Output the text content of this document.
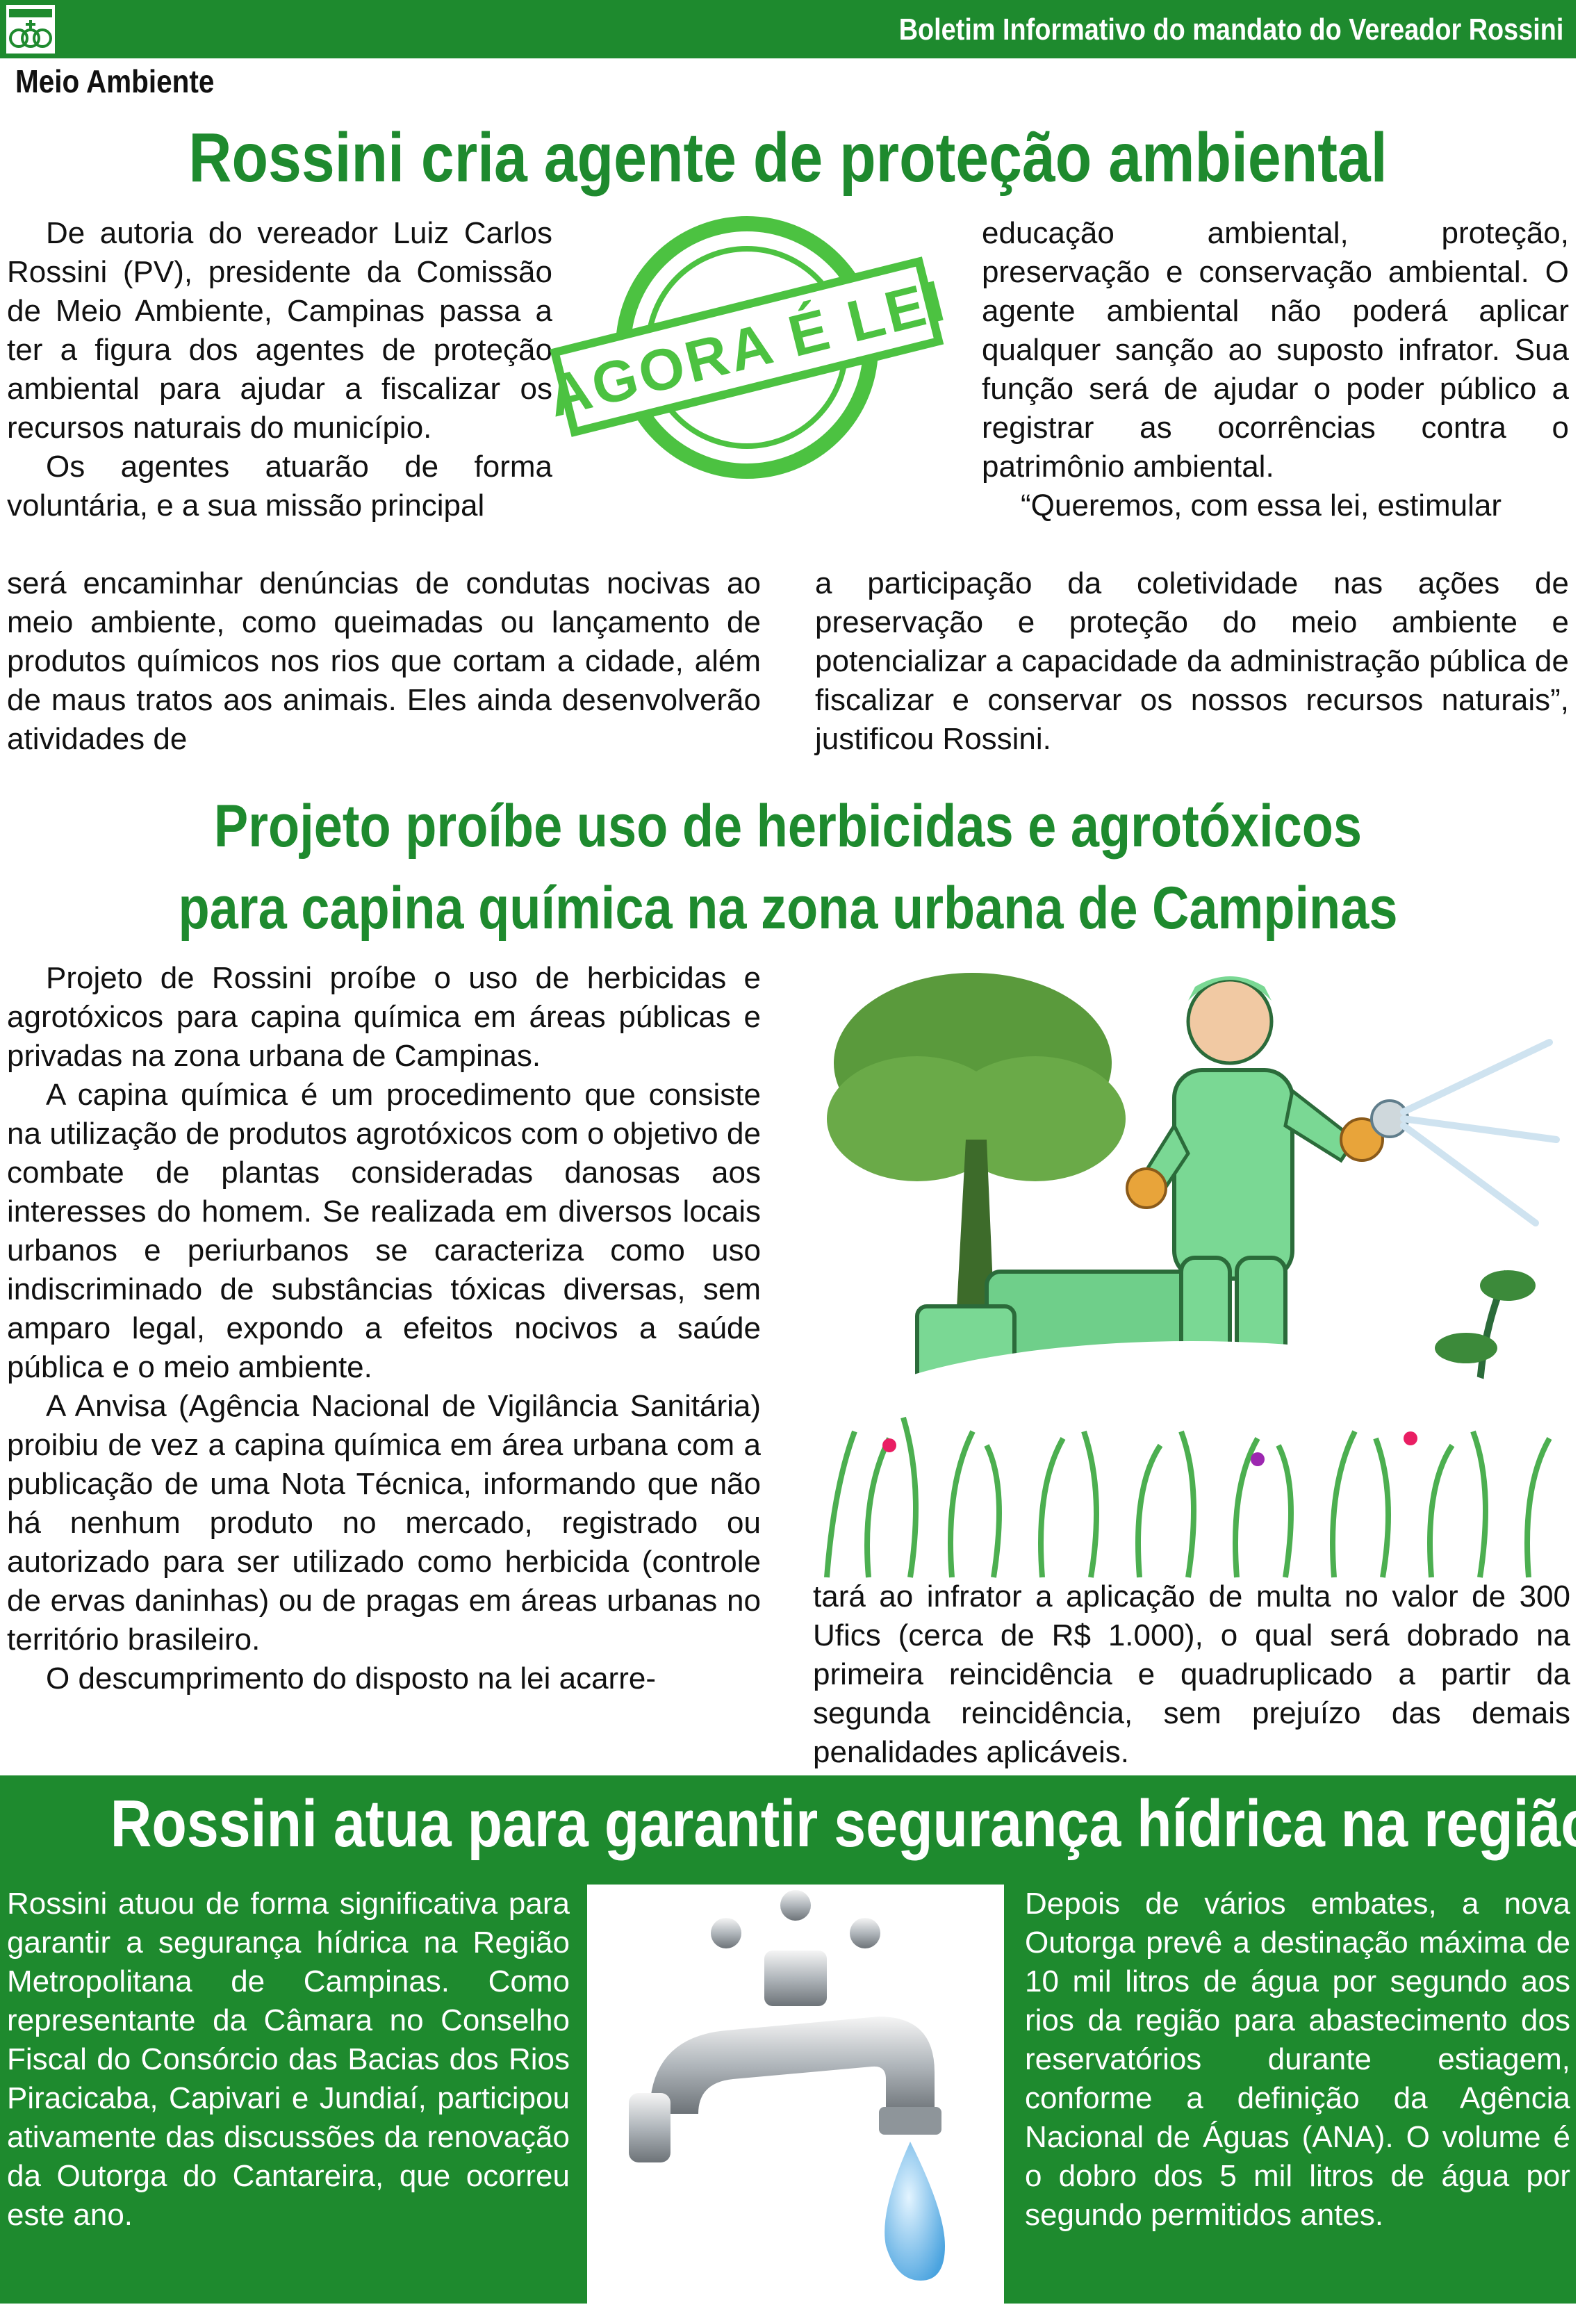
Boletim Informativo do mandato do Vereador Rossini
Meio Ambiente
Rossini cria agente de proteção ambiental

De autoria do vereador Luiz Carlos Rossini (PV), presidente da Comissão de Meio Ambiente, Campinas passa a ter a figura dos agentes de proteção ambiental para ajudar a fiscalizar os recursos naturais do município.

Os agentes atuarão de forma voluntária, e a sua missão principal

será encaminhar denúncias de condutas nocivas ao meio ambiente, como queimadas ou lançamento de produtos químicos nos rios que cortam a cidade, além de maus tratos aos animais. Eles ainda desenvolverão atividades de

AGORA É LEI

educação ambiental, proteção, preservação e conservação ambiental. O agente ambiental não poderá aplicar qualquer sanção ao suposto infrator. Sua função será de ajudar o poder público a registrar as ocorrências contra o patrimônio ambiental.

“Queremos, com essa lei, estimular

a participação da coletividade nas ações de preservação e proteção do meio ambiente e potencializar a capacidade da administração pública de fiscalizar e conservar os nossos recursos naturais”, justificou Rossini.

Projeto proíbe uso de herbicidas e agrotóxicos
para capina química na zona urbana de Campinas

Projeto de Rossini proíbe o uso de herbicidas e agrotóxicos para capina química em áreas públicas e privadas na zona urbana de Campinas.

A capina química é um procedimento que consiste na utilização de produtos agrotóxicos com o objetivo de combate de plantas consideradas danosas aos interesses do homem. Se realizada em diversos locais urbanos e periurbanos se caracteriza como uso indiscriminado de substâncias tóxicas diversas, sem amparo legal, expondo a efeitos nocivos a saúde pública e o meio ambiente.

A Anvisa (Agência Nacional de Vigilância Sanitária) proibiu de vez a capina química em área urbana com a publicação de uma Nota Técnica, informando que não há nenhum produto no mercado, registrado ou autorizado para ser utilizado como herbicida (controle de ervas daninhas) ou de pragas em áreas urbanas no território brasileiro.

O descumprimento do disposto na lei acarre-

tará ao infrator a aplicação de multa no valor de 300 Ufics (cerca de R$ 1.000), o qual será dobrado na primeira reincidência e quadruplicado a partir da segunda reincidência, sem prejuízo das demais penalidades aplicáveis.

Rossini atua para garantir segurança hídrica na região

Rossini atuou de forma significativa para garantir a segurança hídrica na Região Metropolitana de Campinas. Como representante da Câmara no Conselho Fiscal do Consórcio das Bacias dos Rios Piracicaba, Capivari e Jundiaí, participou ativamente das discussões da renovação da Outorga do Cantareira, que ocorreu este ano.

Depois de vários embates, a nova Outorga prevê a destinação máxima de 10 mil litros de água por segundo aos rios da região para abastecimento dos reservatórios durante estiagem, conforme a definição da Agência Nacional de Águas (ANA). O volume é o dobro dos 5 mil litros de água por segundo permitidos antes.
